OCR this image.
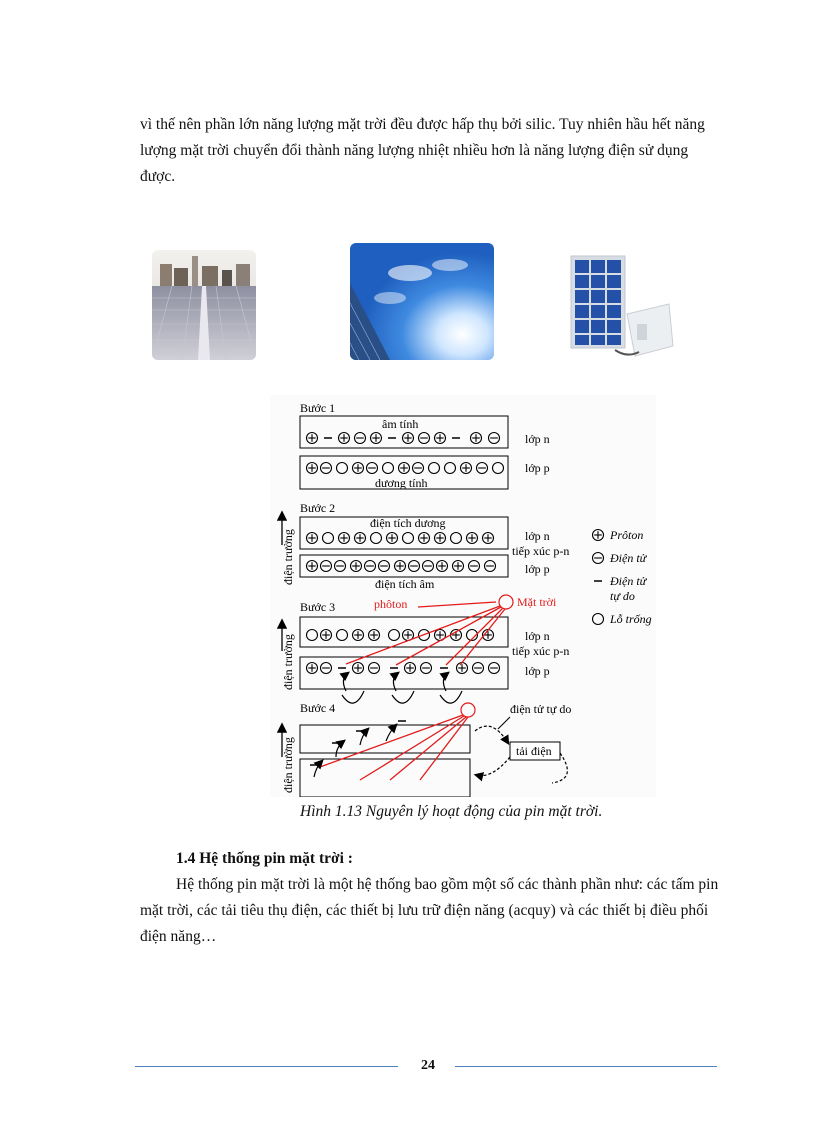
vì thế nên phần lớn năng lượng mặt trời đều được hấp thụ bởi silic. Tuy nhiên hầu hết năng lượng mặt trời chuyển đổi thành năng lượng nhiệt nhiều hơn là năng lượng điện sử dụng được.

Bước 1
âm tính
dương tính
lớp n
lớp p
Bước 2
điện tích dương
điện tích âm
lớp n
tiếp xúc p-n
lớp p
điện trường	Prôton
Điện tử
Điện tử
tự do
Lỗ trống
Bước 3	phôton	Mặt trời
lớp n
tiếp xúc p-n
lớp p
điện trường
Bước 4	điện tử tự do
tải điện
điện trường
Hình 1.13 Nguyên lý hoạt động của pin mặt trời.
1.4 Hệ thống pin mặt trời :

Hệ thống pin mặt trời là một hệ thống bao gồm một số các thành phần như: các tấm pin mặt trời, các tải tiêu thụ điện, các thiết bị lưu trữ điện năng (acquy) và các thiết bị điều phối điện năng…

24
